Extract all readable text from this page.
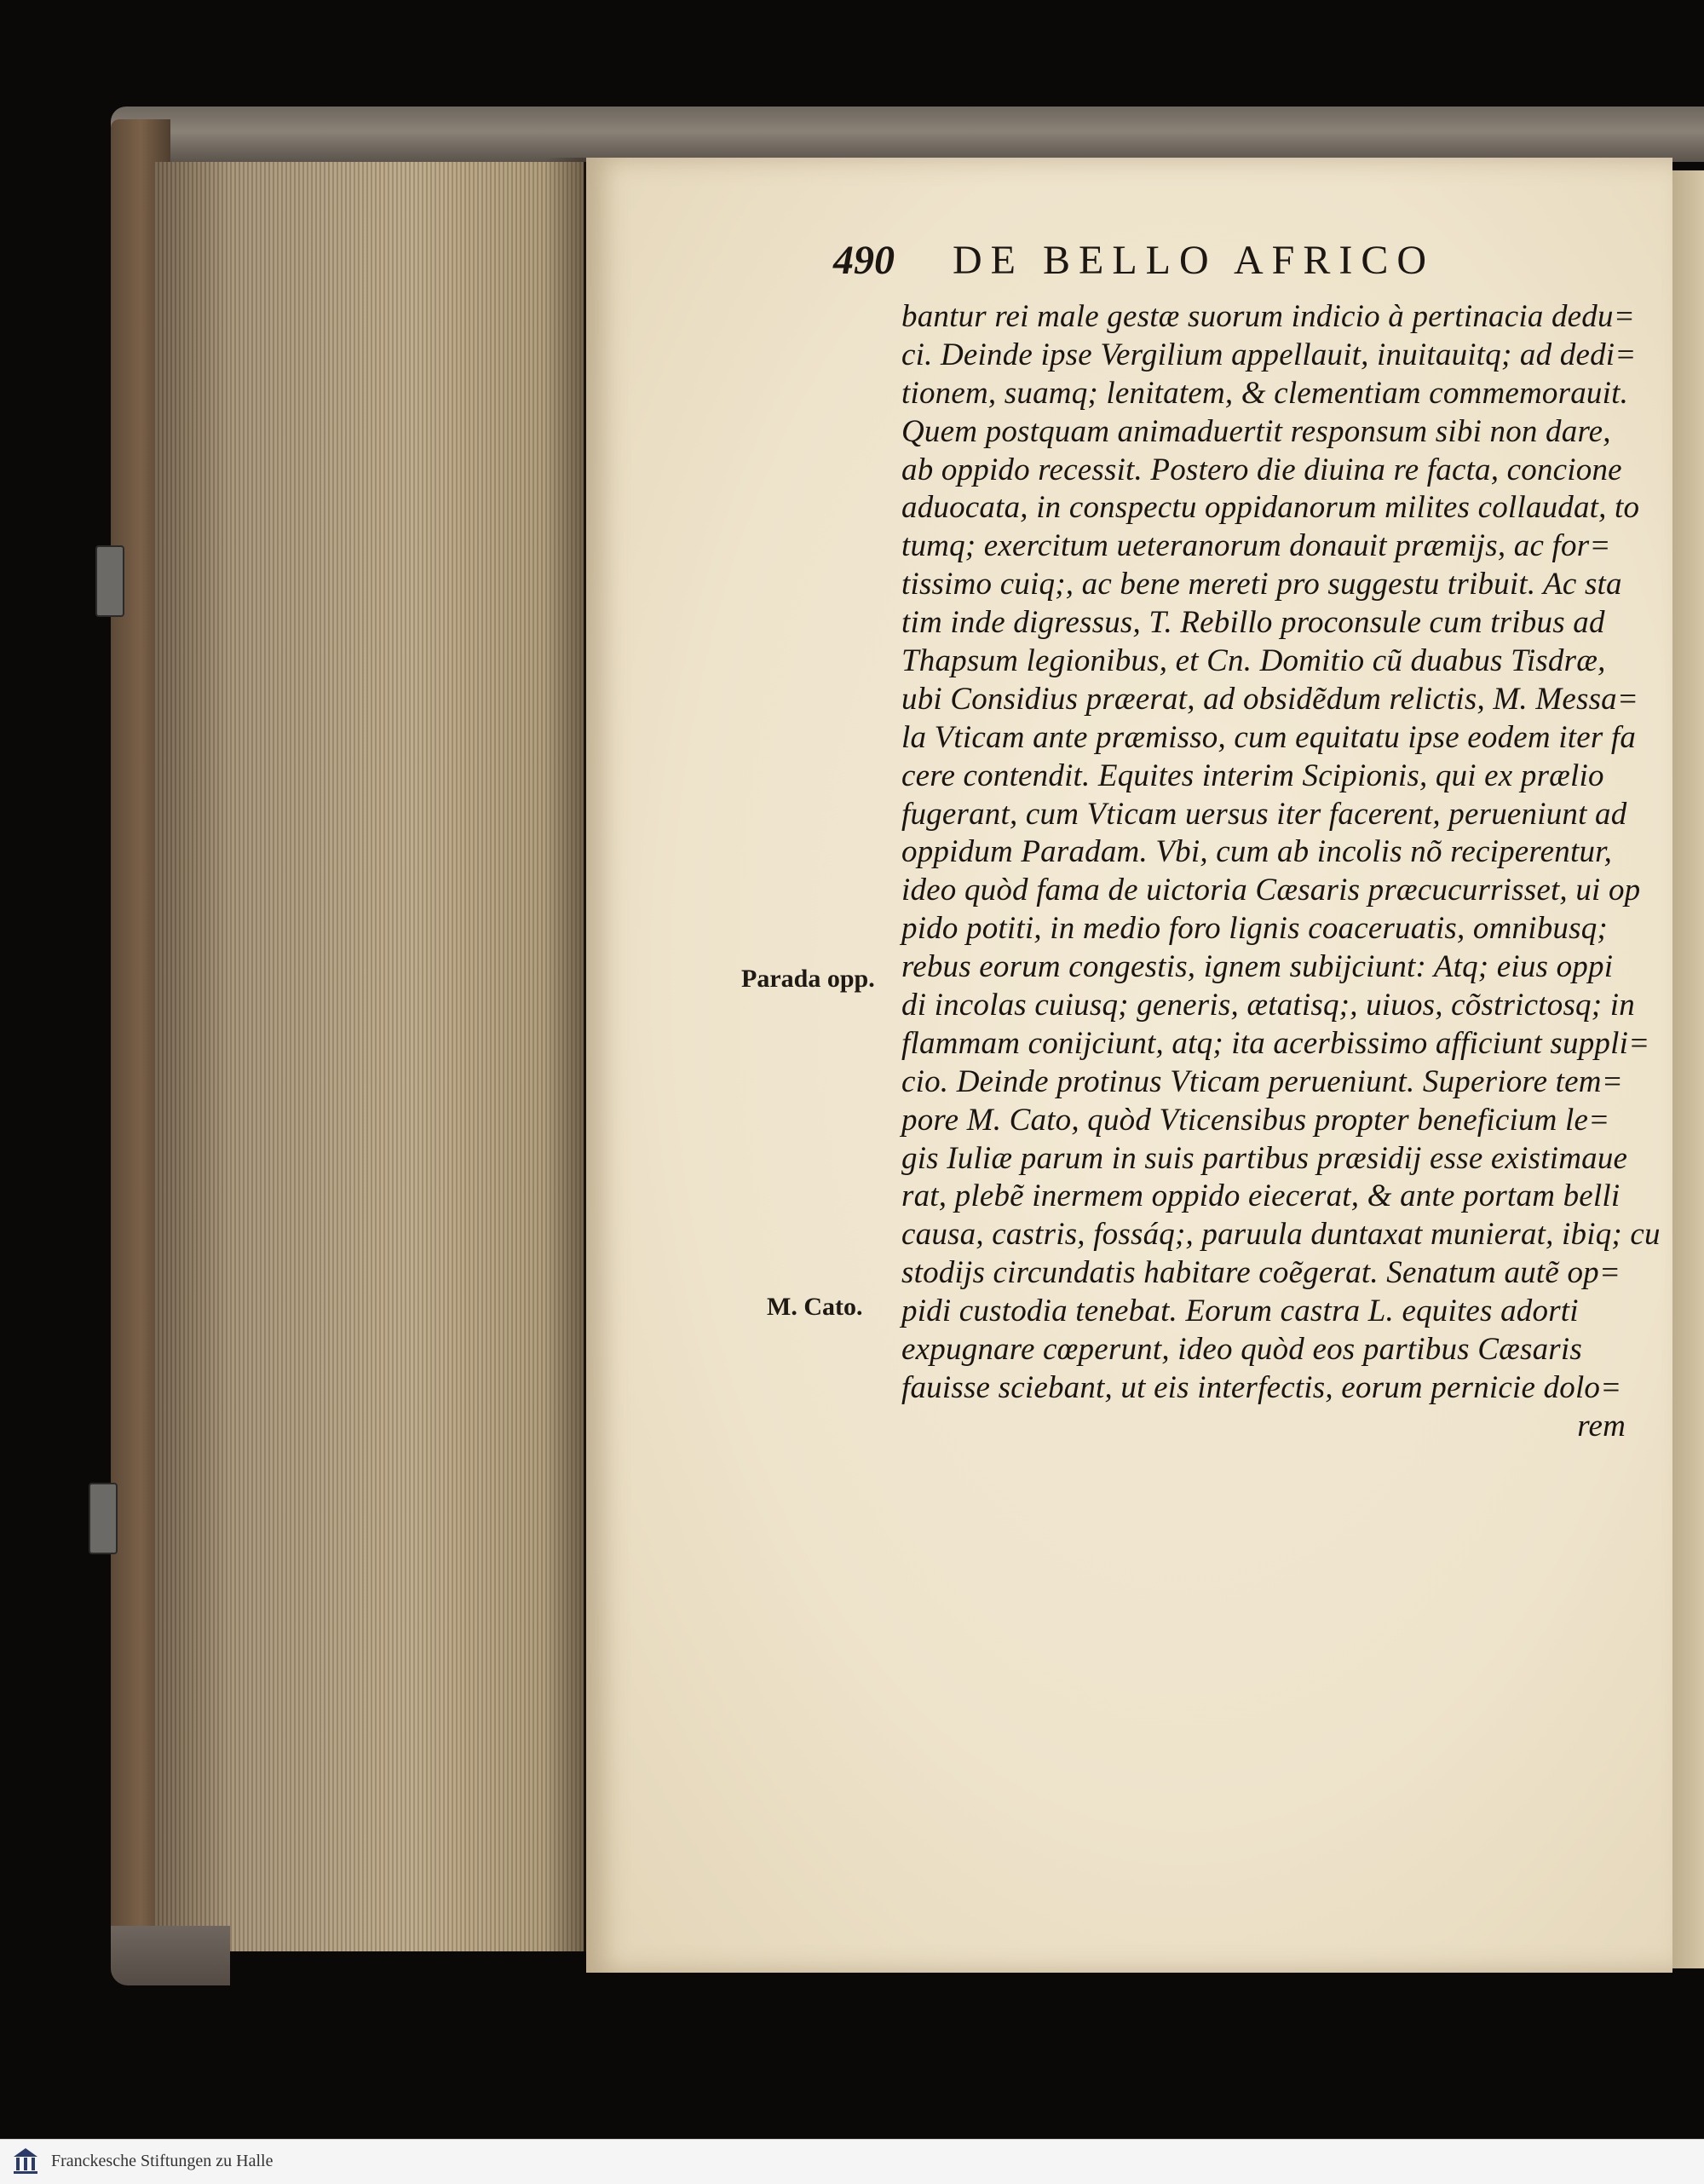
490	DE BELLO AFRICO
bantur rei male gestæ suorum indicio à pertinacia dedu=
ci. Deinde ipse Vergilium appellauit, inuitauitq; ad dedi=
tionem, suamq; lenitatem, & clementiam commemorauit.
Quem postquam animaduertit responsum sibi non dare,
ab oppido recessit. Postero die diuina re facta, concione
aduocata, in conspectu oppidanorum milites collaudat, to
tumq; exercitum ueteranorum donauit præmijs, ac for=
tissimo cuiq;, ac bene mereti pro suggestu tribuit. Ac sta
tim inde digressus, T. Rebillo proconsule cum tribus ad
Thapsum legionibus, et Cn. Domitio cũ duabus Tisdræ,
ubi Considius præerat, ad obsidẽdum relictis, M. Messa=
la Vticam ante præmisso, cum equitatu ipse eodem iter fa
cere contendit. Equites interim Scipionis, qui ex prælio
fugerant, cum Vticam uersus iter facerent, perueniunt ad
oppidum Paradam. Vbi, cum ab incolis nõ reciperentur,
ideo quòd fama de uictoria Cæsaris præcucurrisset, ui op
pido potiti, in medio foro lignis coaceruatis, omnibusq;
rebus eorum congestis, ignem subijciunt: Atq; eius oppi
di incolas cuiusq; generis, ætatisq;, uiuos, cõstrictosq; in
flammam conijciunt, atq; ita acerbissimo afficiunt suppli=
cio. Deinde protinus Vticam perueniunt. Superiore tem=
pore M. Cato, quòd Vticensibus propter beneficium le=
gis Iuliæ parum in suis partibus præsidij esse existimaue
rat, plebẽ inermem oppido eiecerat, & ante portam belli
causa, castris, fossáq;, paruula duntaxat munierat, ibiq; cu
stodijs circundatis habitare coẽgerat. Senatum autẽ op=
pidi custodia tenebat. Eorum castra L. equites adorti
expugnare cœperunt, ideo quòd eos partibus Cæsaris
fauisse sciebant, ut eis interfectis, eorum pernicie dolo=
rem
Parada opp.
M. Cato.
Franckesche Stiftungen zu Halle
